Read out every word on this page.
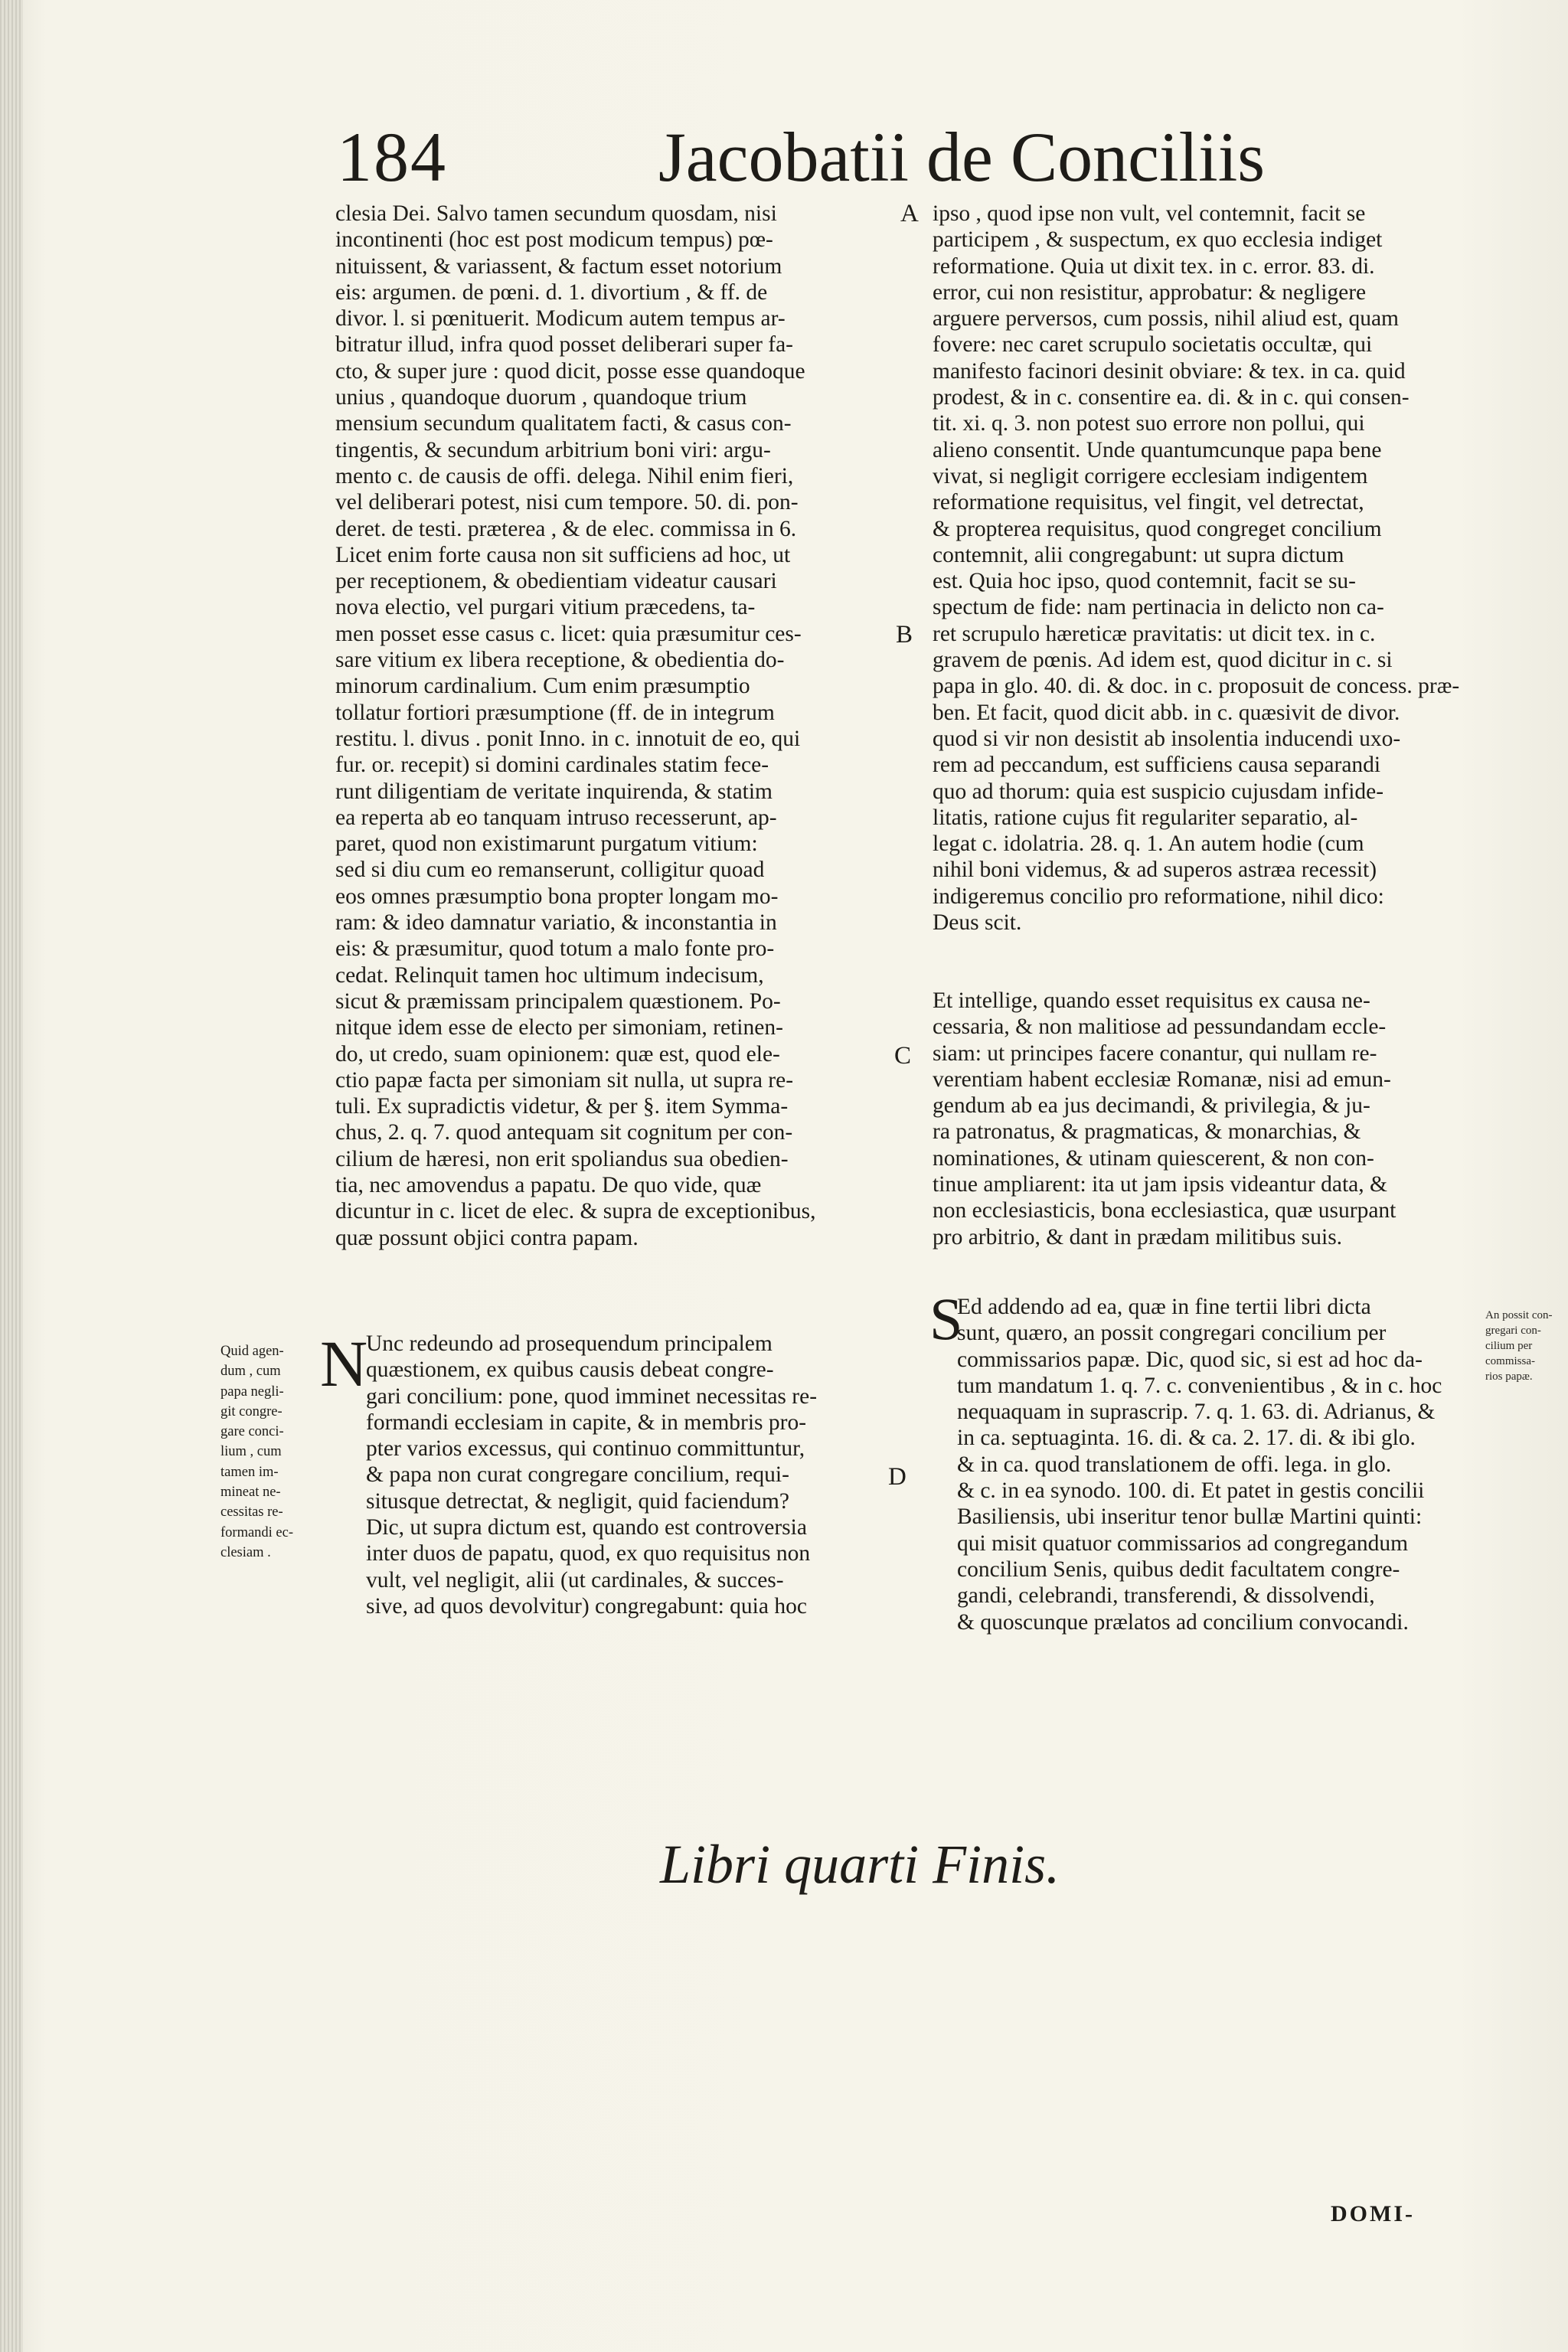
184	Jacobatii de Conciliis
clesia Dei. Salvo tamen secundum quosdam, nisi
incontinenti (hoc est post modicum tempus) pœ-
nituissent, & variassent, & factum esset notorium
eis: argumen. de pœni. d. 1. divortium , & ff. de
divor. l. si pœnituerit. Modicum autem tempus ar-
bitratur illud, infra quod posset deliberari super fa-
cto, & super jure : quod dicit, posse esse quandoque
unius , quandoque duorum , quandoque trium
mensium secundum qualitatem facti, & casus con-
tingentis, & secundum arbitrium boni viri: argu-
mento c. de causis de offi. delega. Nihil enim fieri,
vel deliberari potest, nisi cum tempore. 50. di. pon-
deret. de testi. præterea , & de elec. commissa in 6.
Licet enim forte causa non sit sufficiens ad hoc, ut
per receptionem, & obedientiam videatur causari
nova electio, vel purgari vitium præcedens, ta-
men posset esse casus c. licet: quia præsumitur ces-
sare vitium ex libera receptione, & obedientia do-
minorum cardinalium. Cum enim præsumptio
tollatur fortiori præsumptione (ff. de in integrum
restitu. l. divus . ponit Inno. in c. innotuit de eo, qui
fur. or. recepit) si domini cardinales statim fece-
runt diligentiam de veritate inquirenda, & statim
ea reperta ab eo tanquam intruso recesserunt, ap-
paret, quod non existimarunt purgatum vitium:
sed si diu cum eo remanserunt, colligitur quoad
eos omnes præsumptio bona propter longam mo-
ram: & ideo damnatur variatio, & inconstantia in
eis: & præsumitur, quod totum a malo fonte pro-
cedat. Relinquit tamen hoc ultimum indecisum,
sicut & præmissam principalem quæstionem. Po-
nitque idem esse de electo per simoniam, retinen-
do, ut credo, suam opinionem: quæ est, quod ele-
ctio papæ facta per simoniam sit nulla, ut supra re-
tuli. Ex supradictis videtur, & per §. item Symma-
chus, 2. q. 7. quod antequam sit cognitum per con-
cilium de hæresi, non erit spoliandus sua obedien-
tia, nec amovendus a papatu. De quo vide, quæ
dicuntur in c. licet de elec. & supra de exceptionibus,
quæ possunt objici contra papam.
Quid agen-
dum , cum
papa negli-
git congre-
gare conci-
lium , cum
tamen im-
mineat ne-
cessitas re-
formandi ec-
clesiam .
N
Unc redeundo ad prosequendum principalem
quæstionem, ex quibus causis debeat congre-
gari concilium: pone, quod imminet necessitas re-
formandi ecclesiam in capite, & in membris pro-
pter varios excessus, qui continuo committuntur,
& papa non curat congregare concilium, requi-
situsque detrectat, & negligit, quid faciendum?
Dic, ut supra dictum est, quando est controversia
inter duos de papatu, quod, ex quo requisitus non
vult, vel negligit, alii (ut cardinales, & succes-
sive, ad quos devolvitur) congregabunt: quia hoc
A
B
C
D
ipso , quod ipse non vult, vel contemnit, facit se
participem , & suspectum, ex quo ecclesia indiget
reformatione. Quia ut dixit tex. in c. error. 83. di.
error, cui non resistitur, approbatur: & negligere
arguere perversos, cum possis, nihil aliud est, quam
fovere: nec caret scrupulo societatis occultæ, qui
manifesto facinori desinit obviare: & tex. in ca. quid
prodest, & in c. consentire ea. di. & in c. qui consen-
tit. xi. q. 3. non potest suo errore non pollui, qui
alieno consentit. Unde quantumcunque papa bene
vivat, si negligit corrigere ecclesiam indigentem
reformatione requisitus, vel fingit, vel detrectat,
& propterea requisitus, quod congreget concilium
contemnit, alii congregabunt: ut supra dictum
est. Quia hoc ipso, quod contemnit, facit se su-
spectum de fide: nam pertinacia in delicto non ca-
ret scrupulo hæreticæ pravitatis: ut dicit tex. in c.
gravem de pœnis. Ad idem est, quod dicitur in c. si
papa in glo. 40. di. & doc. in c. proposuit de concess. præ-
ben. Et facit, quod dicit abb. in c. quæsivit de divor.
quod si vir non desistit ab insolentia inducendi uxo-
rem ad peccandum, est sufficiens causa separandi
quo ad thorum: quia est suspicio cujusdam infide-
litatis, ratione cujus fit regulariter separatio, al-
legat c. idolatria. 28. q. 1. An autem hodie (cum
nihil boni videmus, & ad superos astræa recessit)
indigeremus concilio pro reformatione, nihil dico:
Deus scit.
Et intellige, quando esset requisitus ex causa ne-
cessaria, & non malitiose ad pessundandam eccle-
siam: ut principes facere conantur, qui nullam re-
verentiam habent ecclesiæ Romanæ, nisi ad emun-
gendum ab ea jus decimandi, & privilegia, & ju-
ra patronatus, & pragmaticas, & monarchias, &
nominationes, & utinam quiescerent, & non con-
tinue ampliarent: ita ut jam ipsis videantur data, &
non ecclesiasticis, bona ecclesiastica, quæ usurpant
pro arbitrio, & dant in prædam militibus suis.
S
Ed addendo ad ea, quæ in fine tertii libri dicta
sunt, quæro, an possit congregari concilium per
commissarios papæ. Dic, quod sic, si est ad hoc da-
tum mandatum 1. q. 7. c. convenientibus , & in c. hoc
nequaquam in suprascrip. 7. q. 1. 63. di. Adrianus, &
in ca. septuaginta. 16. di. & ca. 2. 17. di. & ibi glo.
& in ca. quod translationem de offi. lega. in glo.
& c. in ea synodo. 100. di. Et patet in gestis concilii
Basiliensis, ubi inseritur tenor bullæ Martini quinti:
qui misit quatuor commissarios ad congregandum
concilium Senis, quibus dedit facultatem congre-
gandi, celebrandi, transferendi, & dissolvendi,
& quoscunque prælatos ad concilium convocandi.
An possit con-
gregari con-
cilium per
commissa-
rios papæ.
Libri quarti Finis.
DOMI-
